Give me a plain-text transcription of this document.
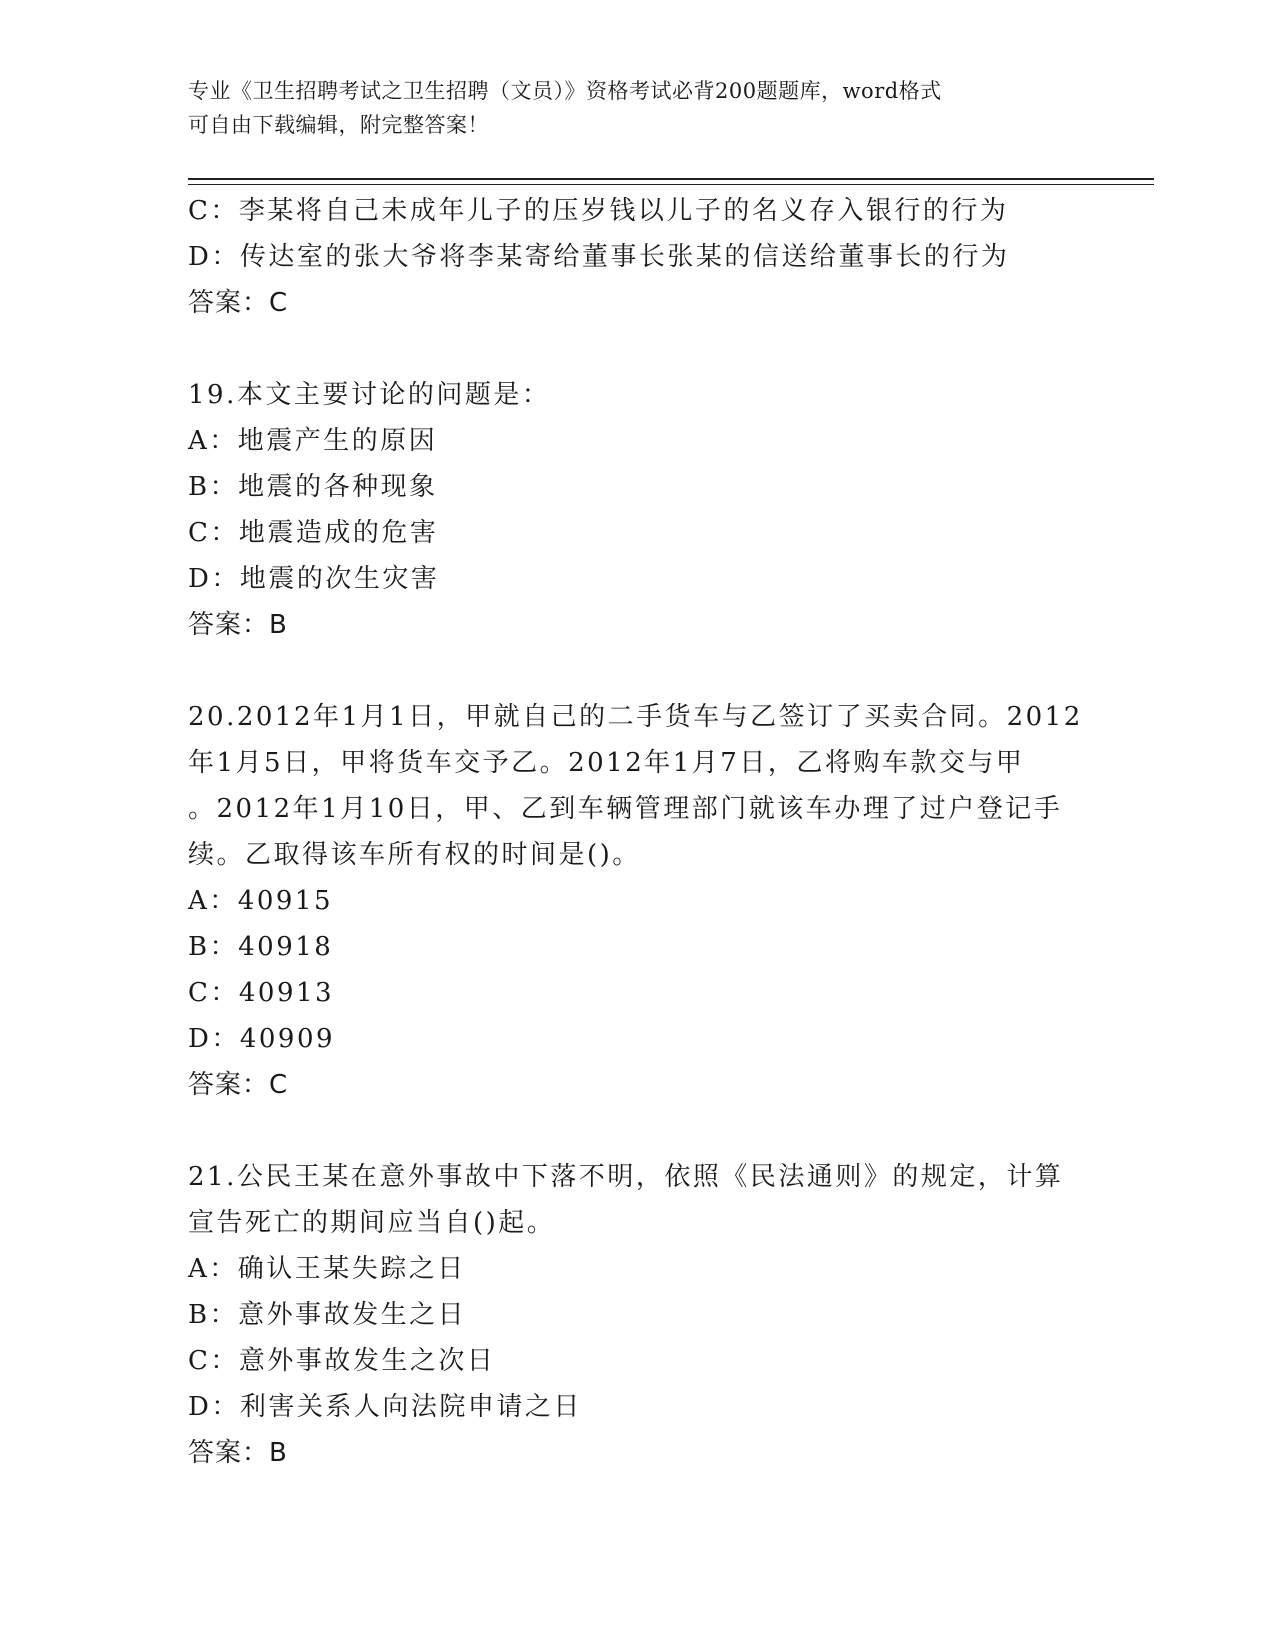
专业《卫生招聘考试之卫生招聘（文员）》资格考试必背200题题库，word格式
可自由下载编辑，附完整答案！
C：李某将自己未成年儿子的压岁钱以儿子的名义存入银行的行为
D：传达室的张大爷将李某寄给董事长张某的信送给董事长的行为
答案：C
19.本文主要讨论的问题是：
A：地震产生的原因
B：地震的各种现象
C：地震造成的危害
D：地震的次生灾害
答案：B
20.2012年1月1日，甲就自己的二手货车与乙签订了买卖合同。2012
年1月5日，甲将货车交予乙。2012年1月7日，乙将购车款交与甲
。2012年1月10日，甲、乙到车辆管理部门就该车办理了过户登记手
续。乙取得该车所有权的时间是()。
A：40915
B：40918
C：40913
D：40909
答案：C
21.公民王某在意外事故中下落不明，依照《民法通则》的规定，计算
宣告死亡的期间应当自()起。
A：确认王某失踪之日
B：意外事故发生之日
C：意外事故发生之次日
D：利害关系人向法院申请之日
答案：B
